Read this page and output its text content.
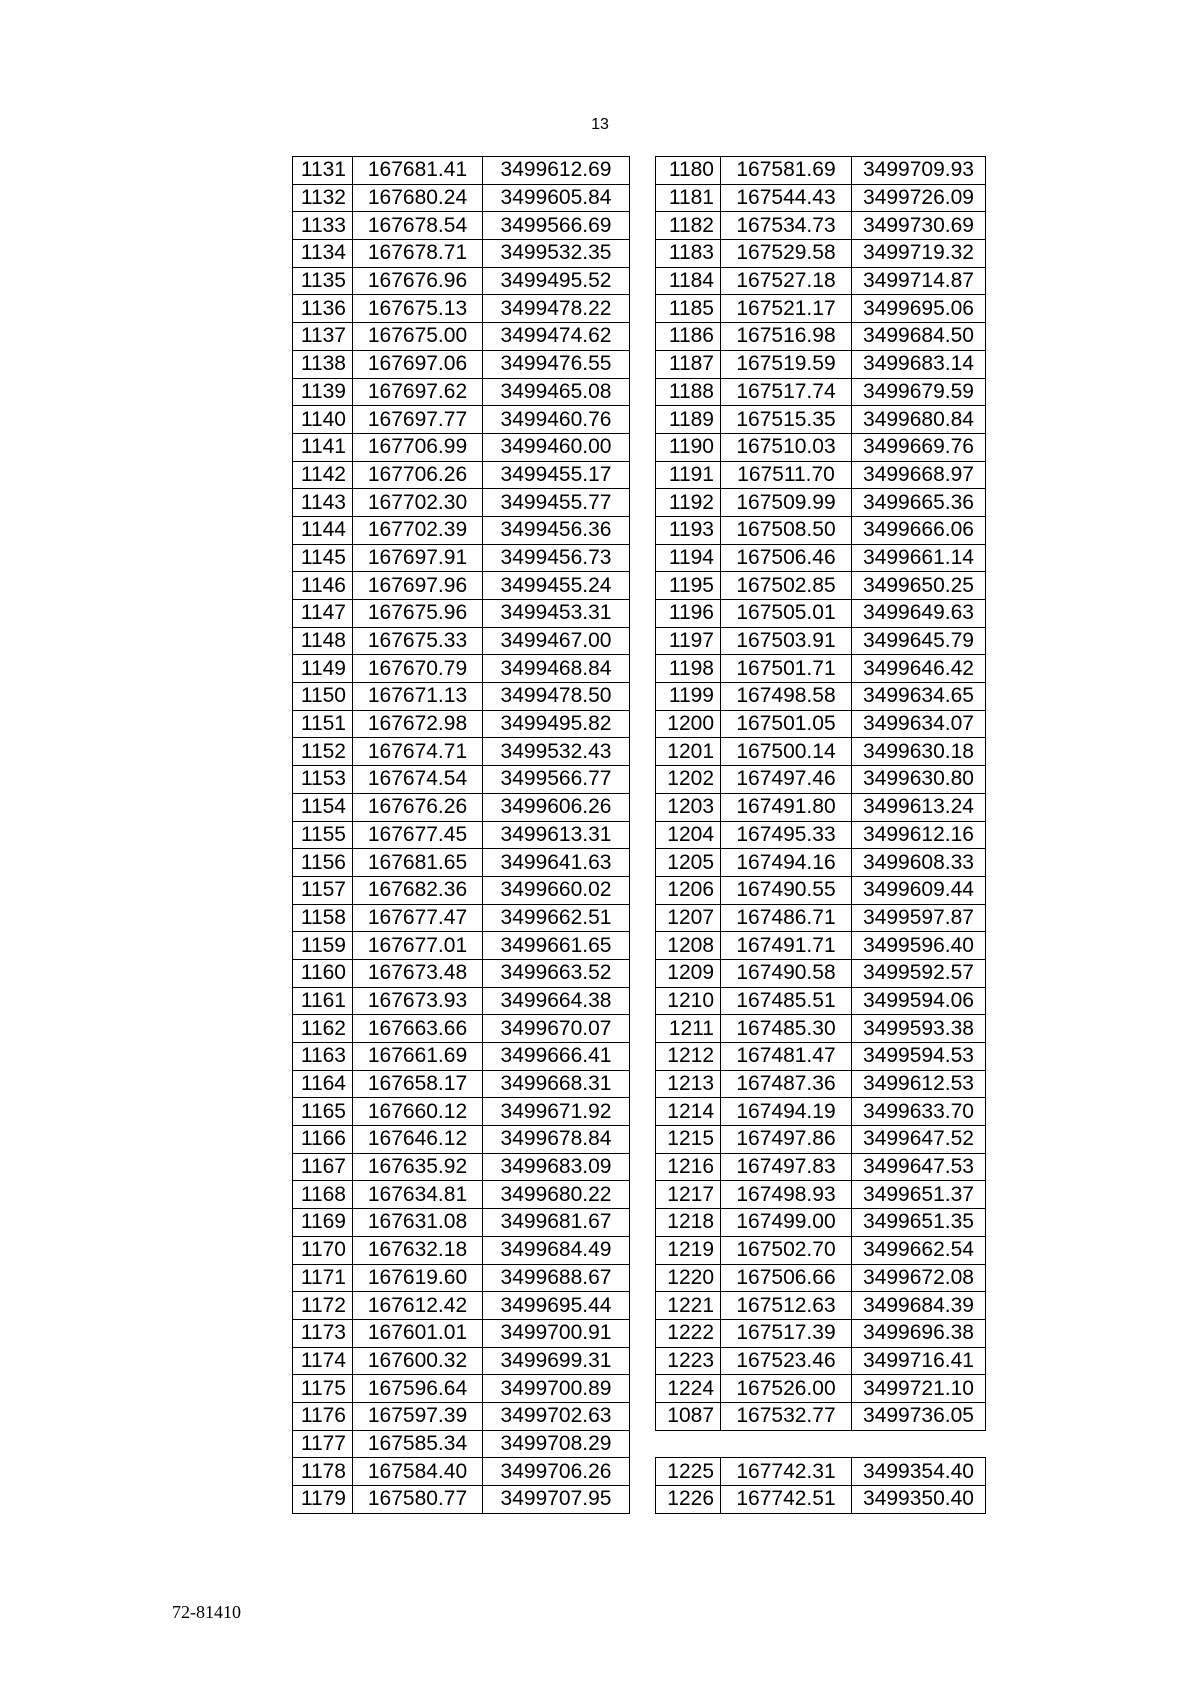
13
1131	167681.41	3499612.69
1132	167680.24	3499605.84
1133	167678.54	3499566.69
1134	167678.71	3499532.35
1135	167676.96	3499495.52
1136	167675.13	3499478.22
1137	167675.00	3499474.62
1138	167697.06	3499476.55
1139	167697.62	3499465.08
1140	167697.77	3499460.76
1141	167706.99	3499460.00
1142	167706.26	3499455.17
1143	167702.30	3499455.77
1144	167702.39	3499456.36
1145	167697.91	3499456.73
1146	167697.96	3499455.24
1147	167675.96	3499453.31
1148	167675.33	3499467.00
1149	167670.79	3499468.84
1150	167671.13	3499478.50
1151	167672.98	3499495.82
1152	167674.71	3499532.43
1153	167674.54	3499566.77
1154	167676.26	3499606.26
1155	167677.45	3499613.31
1156	167681.65	3499641.63
1157	167682.36	3499660.02
1158	167677.47	3499662.51
1159	167677.01	3499661.65
1160	167673.48	3499663.52
1161	167673.93	3499664.38
1162	167663.66	3499670.07
1163	167661.69	3499666.41
1164	167658.17	3499668.31
1165	167660.12	3499671.92
1166	167646.12	3499678.84
1167	167635.92	3499683.09
1168	167634.81	3499680.22
1169	167631.08	3499681.67
1170	167632.18	3499684.49
1171	167619.60	3499688.67
1172	167612.42	3499695.44
1173	167601.01	3499700.91
1174	167600.32	3499699.31
1175	167596.64	3499700.89
1176	167597.39	3499702.63
1177	167585.34	3499708.29
1178	167584.40	3499706.26
1179	167580.77	3499707.95
1180	167581.69	3499709.93
1181	167544.43	3499726.09
1182	167534.73	3499730.69
1183	167529.58	3499719.32
1184	167527.18	3499714.87
1185	167521.17	3499695.06
1186	167516.98	3499684.50
1187	167519.59	3499683.14
1188	167517.74	3499679.59
1189	167515.35	3499680.84
1190	167510.03	3499669.76
1191	167511.70	3499668.97
1192	167509.99	3499665.36
1193	167508.50	3499666.06
1194	167506.46	3499661.14
1195	167502.85	3499650.25
1196	167505.01	3499649.63
1197	167503.91	3499645.79
1198	167501.71	3499646.42
1199	167498.58	3499634.65
1200	167501.05	3499634.07
1201	167500.14	3499630.18
1202	167497.46	3499630.80
1203	167491.80	3499613.24
1204	167495.33	3499612.16
1205	167494.16	3499608.33
1206	167490.55	3499609.44
1207	167486.71	3499597.87
1208	167491.71	3499596.40
1209	167490.58	3499592.57
1210	167485.51	3499594.06
1211	167485.30	3499593.38
1212	167481.47	3499594.53
1213	167487.36	3499612.53
1214	167494.19	3499633.70
1215	167497.86	3499647.52
1216	167497.83	3499647.53
1217	167498.93	3499651.37
1218	167499.00	3499651.35
1219	167502.70	3499662.54
1220	167506.66	3499672.08
1221	167512.63	3499684.39
1222	167517.39	3499696.38
1223	167523.46	3499716.41
1224	167526.00	3499721.10
1087	167532.77	3499736.05

1225	167742.31	3499354.40
1226	167742.51	3499350.40
72-81410
